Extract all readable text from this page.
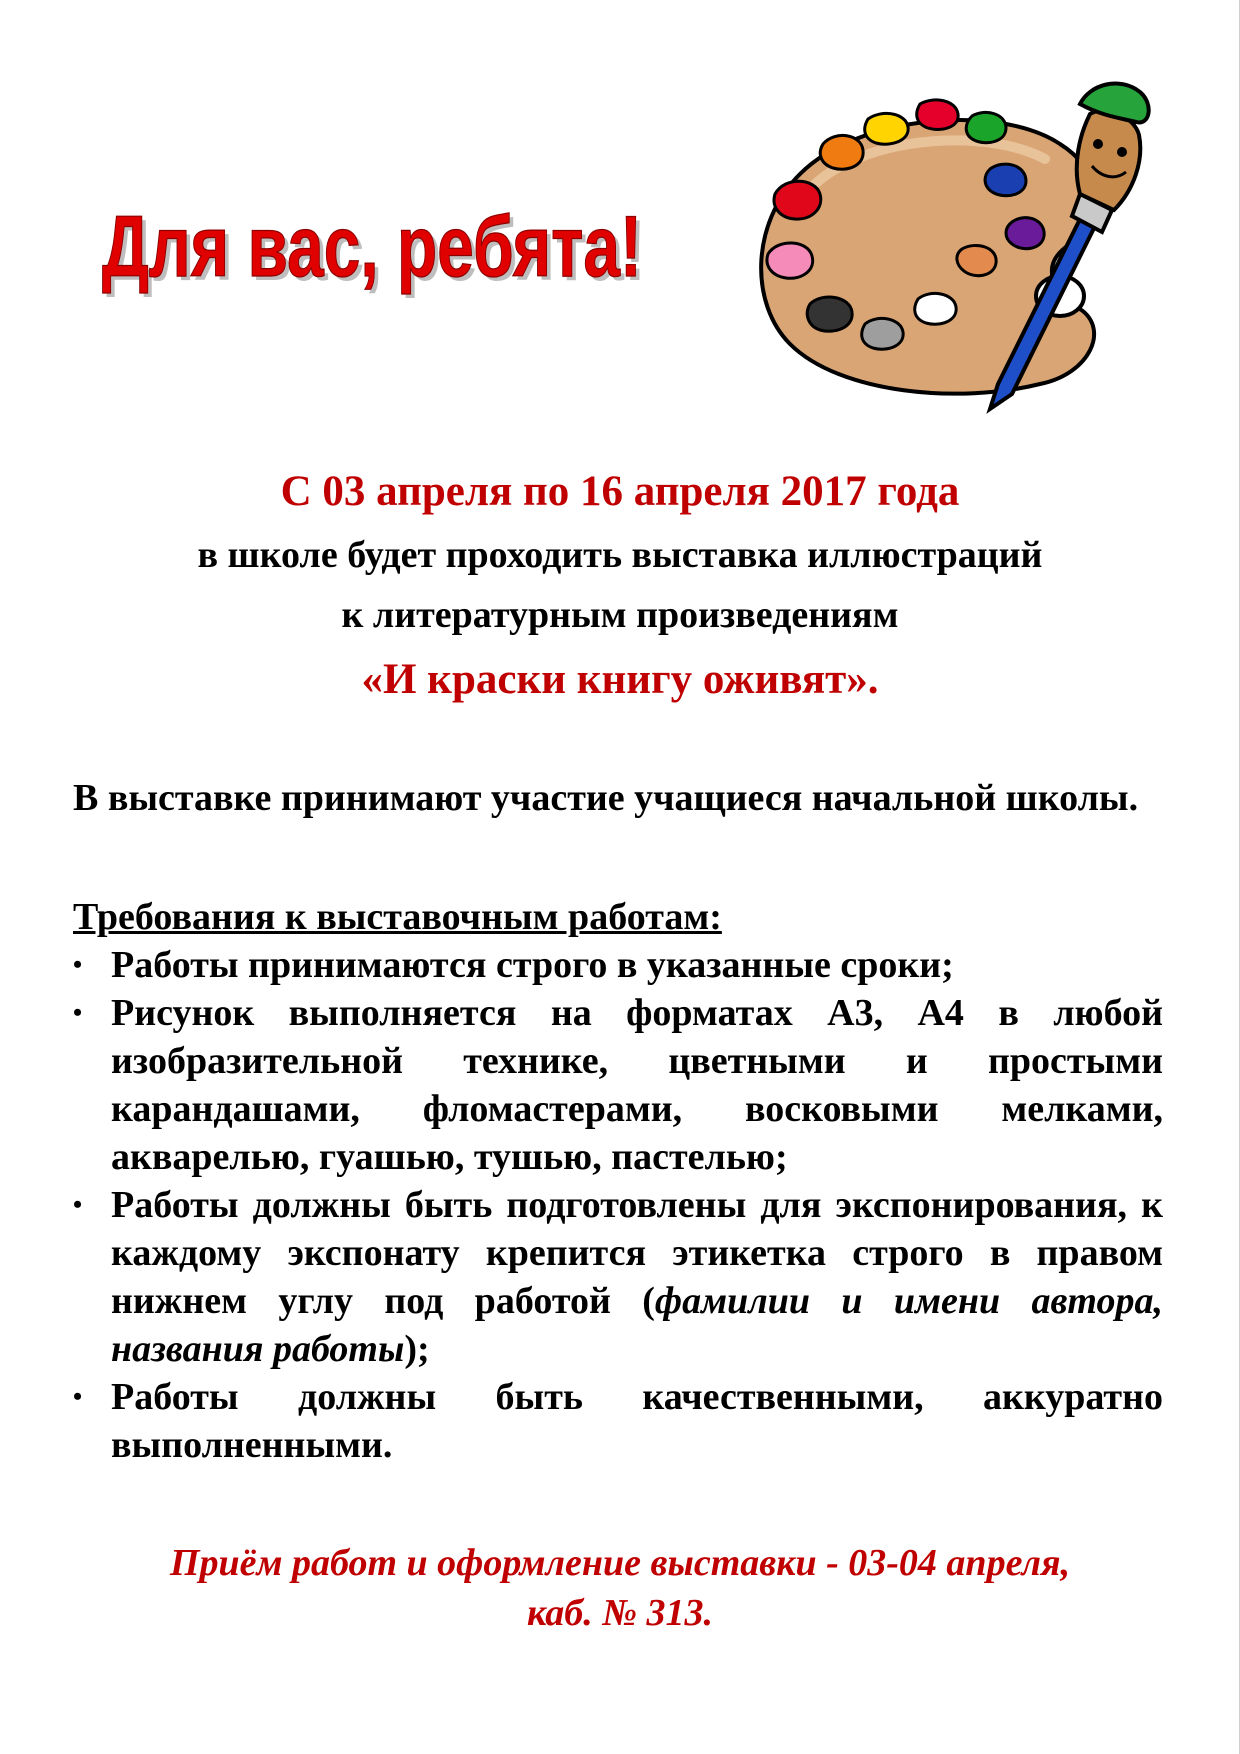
Для вас, ребята!
Для вас, ребята!
С 03 апреля по 16 апреля 2017 года
в школе будет проходить выставка иллюстраций
к литературным произведениям
«И краски книгу оживят».
В выставке принимают участие учащиеся начальной школы.
Требования к выставочным работам:
• Работы принимаются строго в указанные сроки;
• Рисунок выполняется на форматах А3, А4 в любой изобразительной технике, цветными и простыми карандашами, фломастерами, восковыми мелками, акварелью, гуашью, тушью, пастелью;
• Работы должны быть подготовлены для экспонирования, к каждому экспонату крепится этикетка строго в правом нижнем углу под работой (фамилии и имени автора, названия работы);
• Работы должны быть качественными, аккуратно выполненными.
Приём работ и оформление выставки - 03-04 апреля,
каб. № 313.
